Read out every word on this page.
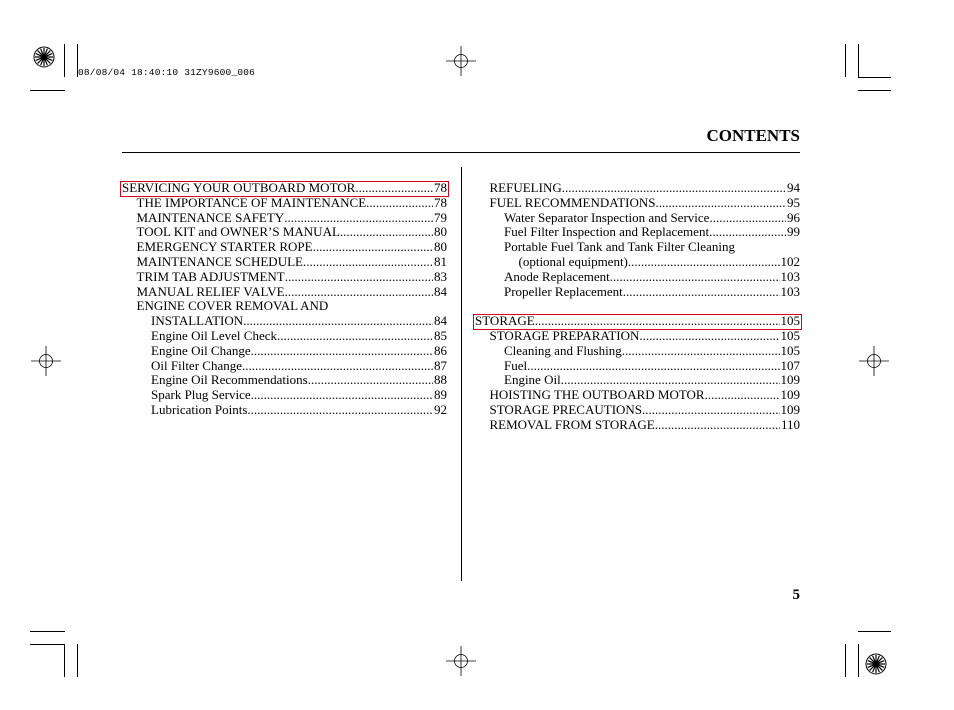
08/08/04 18:40:10 31ZY9600_006
CONTENTS
SERVICING YOUR OUTBOARD MOTOR .....	78
THE IMPORTANCE OF MAINTENANCE .....	78
MAINTENANCE SAFETY .....	79
TOOL KIT and OWNER’S MANUAL .....	80
EMERGENCY STARTER ROPE .....	80
MAINTENANCE SCHEDULE .....	81
TRIM TAB ADJUSTMENT .....	83
MANUAL RELIEF VALVE .....	84
ENGINE COVER REMOVAL AND
INSTALLATION .....	84
Engine Oil Level Check .....	85
Engine Oil Change .....	86
Oil Filter Change .....	87
Engine Oil Recommendations .....	88
Spark Plug Service .....	89
Lubrication Points .....	92
REFUELING .....	94
FUEL RECOMMENDATIONS .....	95
Water Separator Inspection and Service .....	96
Fuel Filter Inspection and Replacement .....	99
Portable Fuel Tank and Tank Filter Cleaning
(optional equipment) .....	102
Anode Replacement .....	103
Propeller Replacement .....	103
STORAGE .....	105
STORAGE PREPARATION .....	105
Cleaning and Flushing .....	105
Fuel .....	107
Engine Oil .....	109
HOISTING THE OUTBOARD MOTOR .....	109
STORAGE PRECAUTIONS .....	109
REMOVAL FROM STORAGE .....	110
5
